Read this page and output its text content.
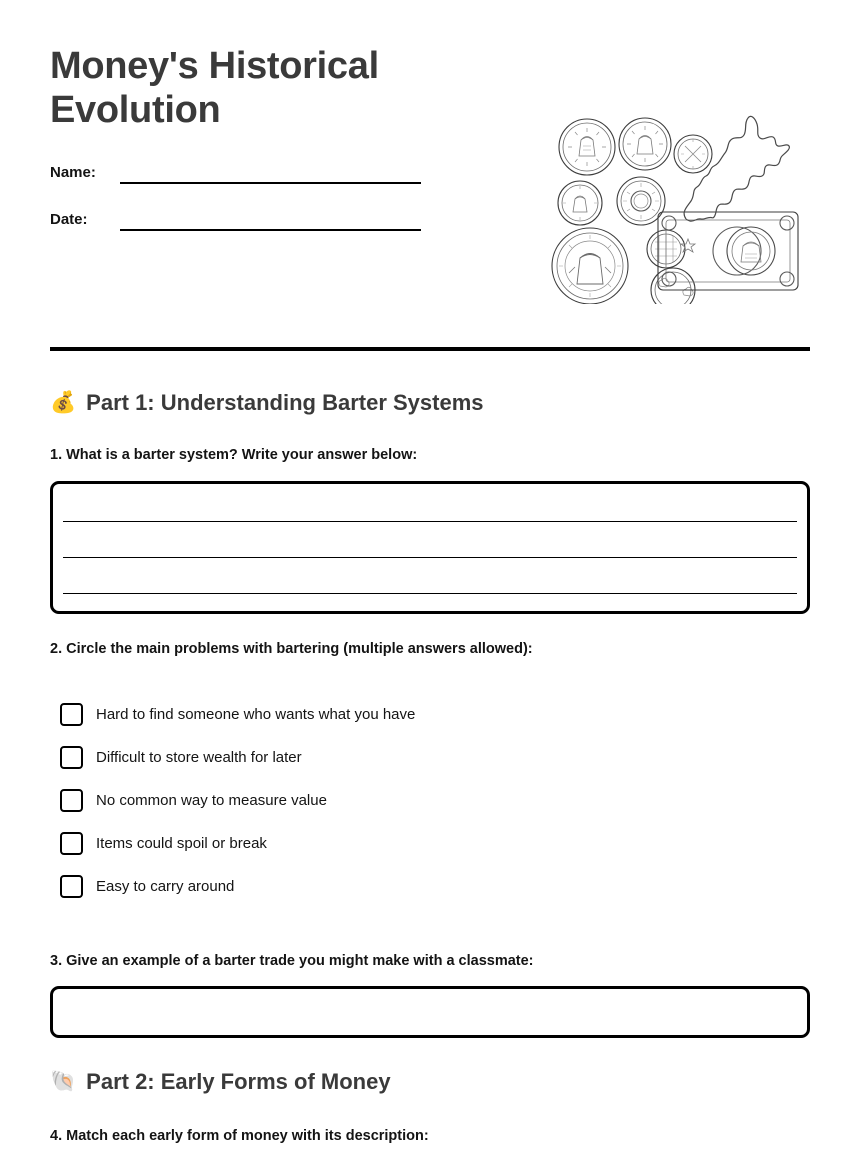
Money's Historical Evolution
Name:
Date:
💰 Part 1: Understanding Barter Systems
1. What is a barter system? Write your answer below:
2. Circle the main problems with bartering (multiple answers allowed):
Hard to find someone who wants what you have
Difficult to store wealth for later
No common way to measure value
Items could spoil or break
Easy to carry around
3. Give an example of a barter trade you might make with a classmate:
🐚 Part 2: Early Forms of Money
4. Match each early form of money with its description:
